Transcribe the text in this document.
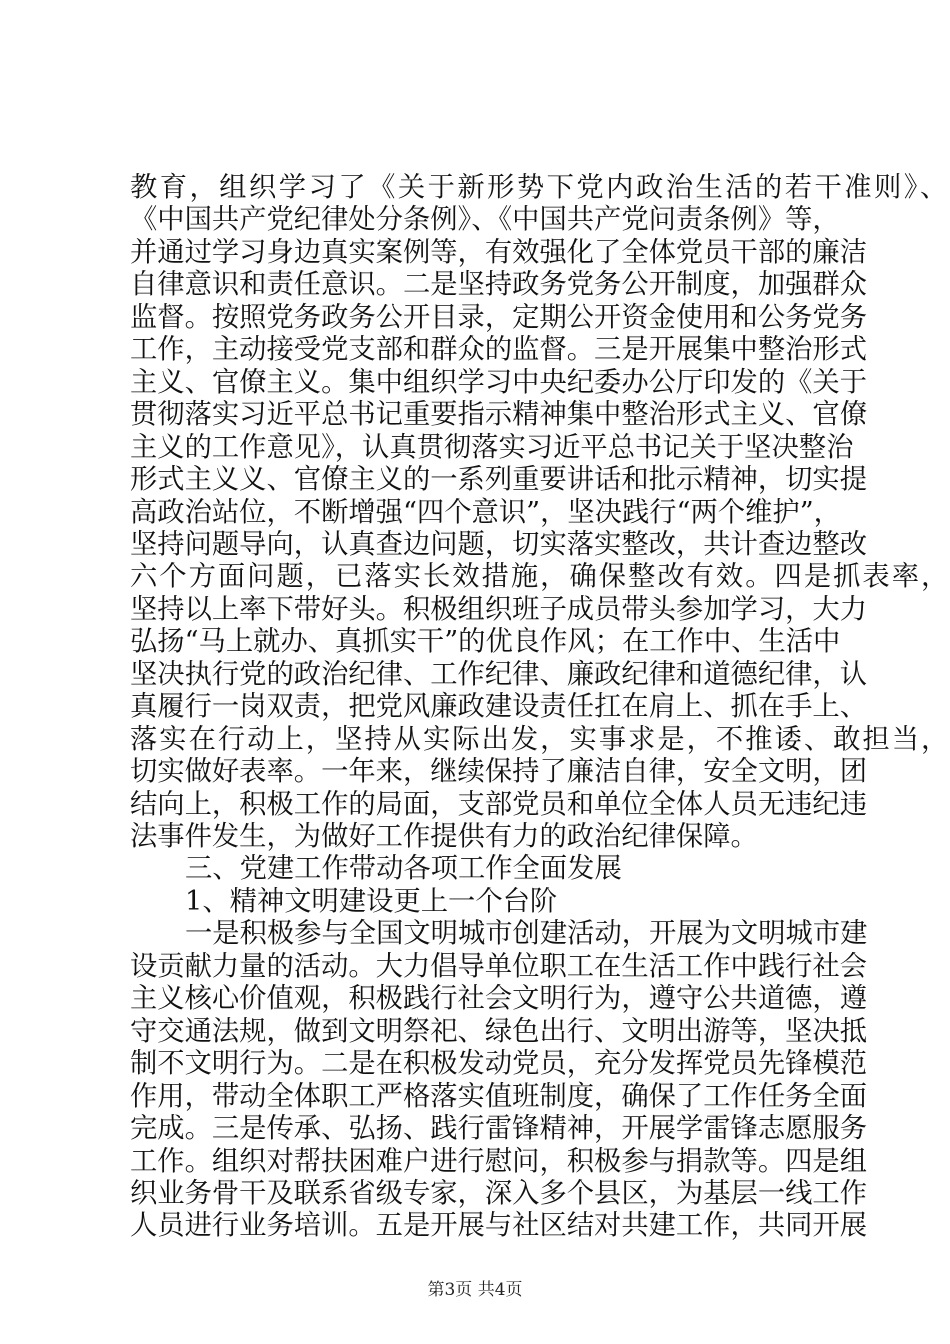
教育，组织学习了《关于新形势下党内政治生活的若干准则》、
《中国共产党纪律处分条例》、《中国共产党问责条例》等，
并通过学习身边真实案例等，有效强化了全体党员干部的廉洁
自律意识和责任意识。二是坚持政务党务公开制度，加强群众
监督。按照党务政务公开目录，定期公开资金使用和公务党务
工作，主动接受党支部和群众的监督。三是开展集中整治形式
主义、官僚主义。集中组织学习中央纪委办公厅印发的《关于
贯彻落实习近平总书记重要指示精神集中整治形式主义、官僚
主义的工作意见》，认真贯彻落实习近平总书记关于坚决整治
形式主义义、官僚主义的一系列重要讲话和批示精神，切实提
高政治站位，不断增强“四个意识”，坚决践行“两个维护”，
坚持问题导向，认真查边问题，切实落实整改，共计查边整改
六个方面问题，已落实长效措施，确保整改有效。四是抓表率，
坚持以上率下带好头。积极组织班子成员带头参加学习，大力
弘扬“马上就办、真抓实干”的优良作风；在工作中、生活中
坚决执行党的政治纪律、工作纪律、廉政纪律和道德纪律，认
真履行一岗双责，把党风廉政建设责任扛在肩上、抓在手上、
落实在行动上，坚持从实际出发，实事求是，不推诿、敢担当，
切实做好表率。一年来，继续保持了廉洁自律，安全文明，团
结向上，积极工作的局面，支部党员和单位全体人员无违纪违
法事件发生，为做好工作提供有力的政治纪律保障。
三、党建工作带动各项工作全面发展
1、精神文明建设更上一个台阶
一是积极参与全国文明城市创建活动，开展为文明城市建
设贡献力量的活动。大力倡导单位职工在生活工作中践行社会
主义核心价值观，积极践行社会文明行为，遵守公共道德，遵
守交通法规，做到文明祭祀、绿色出行、文明出游等，坚决抵
制不文明行为。二是在积极发动党员，充分发挥党员先锋模范
作用，带动全体职工严格落实值班制度，确保了工作任务全面
完成。三是传承、弘扬、践行雷锋精神，开展学雷锋志愿服务
工作。组织对帮扶困难户进行慰问，积极参与捐款等。四是组
织业务骨干及联系省级专家，深入多个县区，为基层一线工作
人员进行业务培训。五是开展与社区结对共建工作，共同开展
第3页 共4页
